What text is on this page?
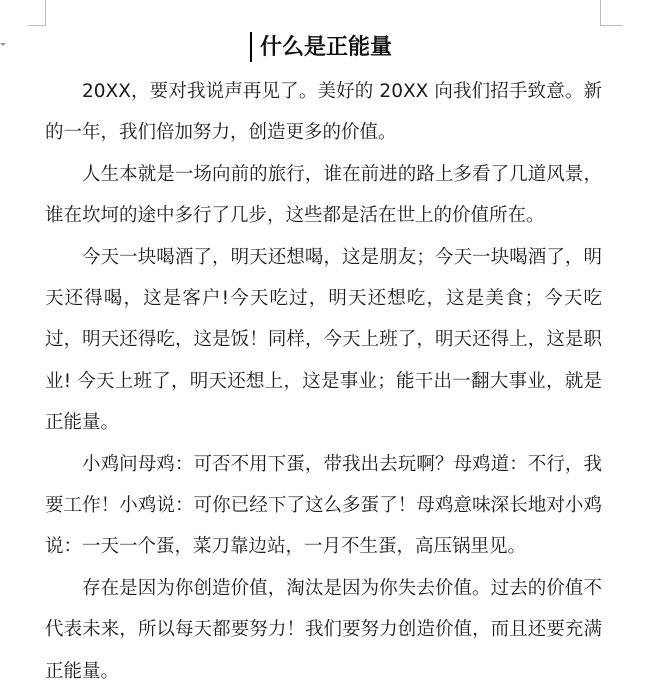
什么是正能量

20XX，要对我说声再见了。美好的 20XX 向我们招手致意。新的一年，我们倍加努力，创造更多的价值。

人生本就是一场向前的旅行，谁在前进的路上多看了几道风景，谁在坎坷的途中多行了几步，这些都是活在世上的价值所在。

今天一块喝酒了，明天还想喝，这是朋友；今天一块喝酒了，明天还得喝，这是客户!今天吃过，明天还想吃，这是美食；今天吃过，明天还得吃，这是饭！同样，今天上班了，明天还得上，这是职业! 今天上班了，明天还想上，这是事业；能干出一翻大事业，就是正能量。

小鸡问母鸡：可否不用下蛋，带我出去玩啊？母鸡道：不行，我要工作！小鸡说：可你已经下了这么多蛋了！母鸡意味深长地对小鸡说：一天一个蛋，菜刀靠边站，一月不生蛋，高压锅里见。

存在是因为你创造价值，淘汰是因为你失去价值。过去的价值不代表未来，所以每天都要努力！我们要努力创造价值，而且还要充满正能量。
